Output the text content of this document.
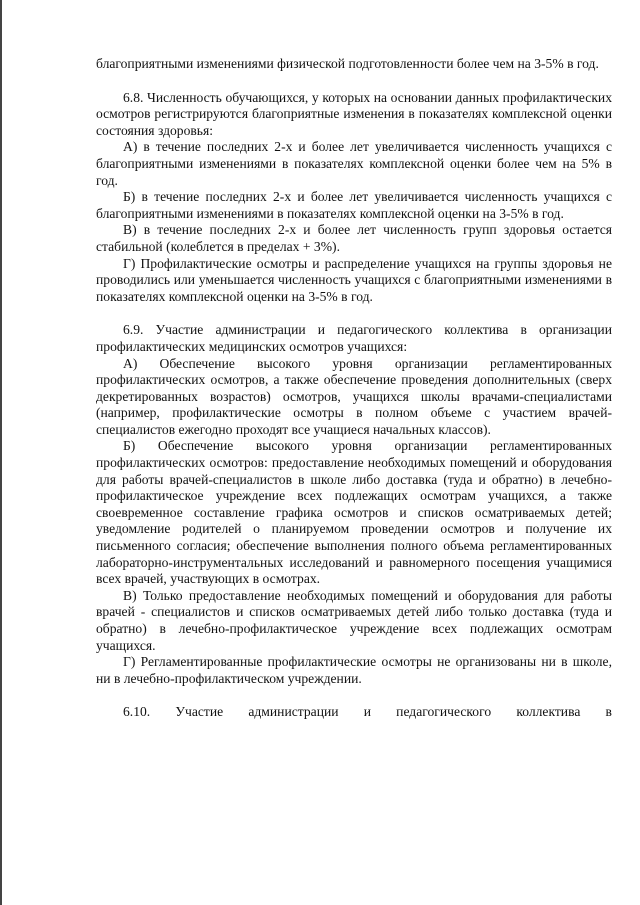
благоприятными изменениями физической подготовленности более чем на 3-5% в год.

6.8. Численность обучающихся, у которых на основании данных профилактических осмотров регистрируются благоприятные изменения в показателях комплексной оценки состояния здоровья:

А) в течение последних 2-х и более лет увеличивается численность учащихся с благоприятными изменениями в показателях комплексной оценки более чем на 5% в год.

Б) в течение последних 2-х и более лет увеличивается численность учащихся с благоприятными изменениями в показателях комплексной оценки на 3-5% в год.

В) в течение последних 2-х и более лет численность групп здоровья остается стабильной (колеблется в пределах + 3%).

Г) Профилактические осмотры и распределение учащихся на группы здоровья не проводились или уменьшается численность учащихся с благоприятными изменениями в показателях комплексной оценки на 3-5% в год.

6.9. Участие администрации и педагогического коллектива в организации профилактических медицинских осмотров учащихся:

А) Обеспечение высокого уровня организации регламентированных профилактических осмотров, а также обеспечение проведения дополнительных (сверх декретированных возрастов) осмотров, учащихся школы врачами-специалистами (например, профилактические осмотры в полном объеме с участием врачей-специалистов ежегодно проходят все учащиеся начальных классов).

Б) Обеспечение высокого уровня организации регламентированных профилактических осмотров: предоставление необходимых помещений и оборудования для работы врачей-специалистов в школе либо доставка (туда и обратно) в лечебно-профилактическое учреждение всех подлежащих осмотрам учащихся, а также своевременное составление графика осмотров и списков осматриваемых детей; уведомление родителей о планируемом проведении осмотров и получение их письменного согласия; обеспечение выполнения полного объема регламентированных лабораторно-инструментальных исследований и равномерного посещения учащимися всех врачей, участвующих в осмотрах.

В) Только предоставление необходимых помещений и оборудования для работы врачей - специалистов и списков осматриваемых детей либо только доставка (туда и обратно) в лечебно-профилактическое учреждение всех подлежащих осмотрам учащихся.

Г) Регламентированные профилактические осмотры не организованы ни в школе, ни в лечебно-профилактическом учреждении.

6.10. Участие администрации и педагогического коллектива в
